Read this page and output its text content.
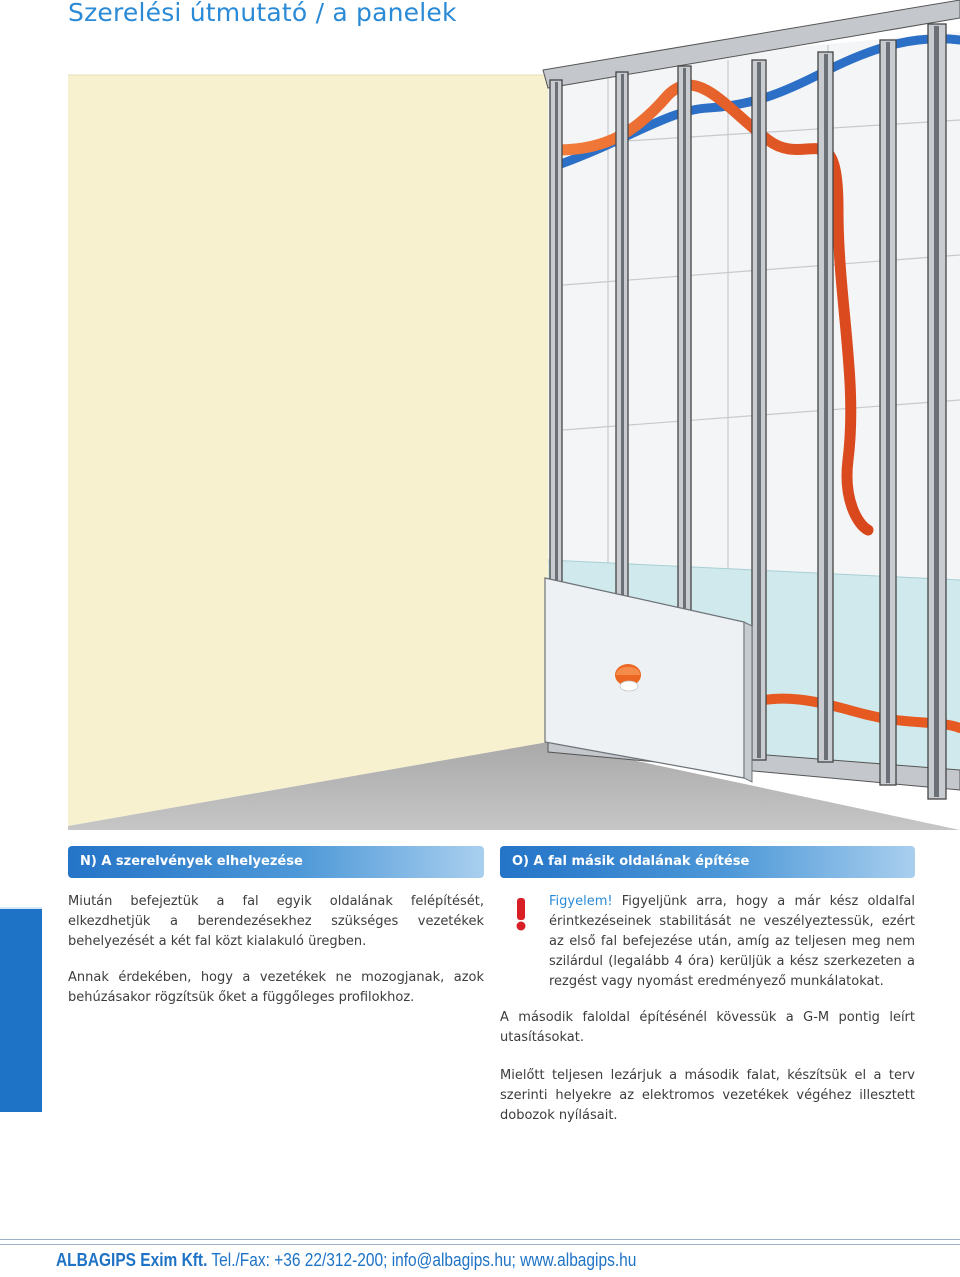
Szerelési útmutató / a panelek
N) A szerelvények elhelyezése	O) A fal másik oldalának építése
Miután befejeztük a fal egyik oldalának felépítését, elkezdhetjük a berendezésekhez szükséges vezetékek behelyezését a két fal közt kialakuló üregben.
Annak érdekében, hogy a vezetékek ne mozogjanak, azok behúzásakor rögzítsük őket a függőleges profilokhoz.
Figyelem! Figyeljünk arra, hogy a már kész oldalfal érintkezéseinek stabilitását ne veszélyeztessük, ezért az első fal befejezése után, amíg az teljesen meg nem szilárdul (legalább 4 óra) kerüljük a kész szerkezeten a rezgést vagy nyomást eredményező munkálatokat.
A második faloldal építésénél kövessük a G-M pontig leírt utasításokat.
Mielőtt teljesen lezárjuk a második falat, készítsük el a terv szerinti helyekre az elektromos vezetékek végéhez illesztett dobozok nyílásait.
ALBAGIPS Exim Kft. Tel./Fax: +36 22/312-200; info@albagips.hu; www.albagips.hu
